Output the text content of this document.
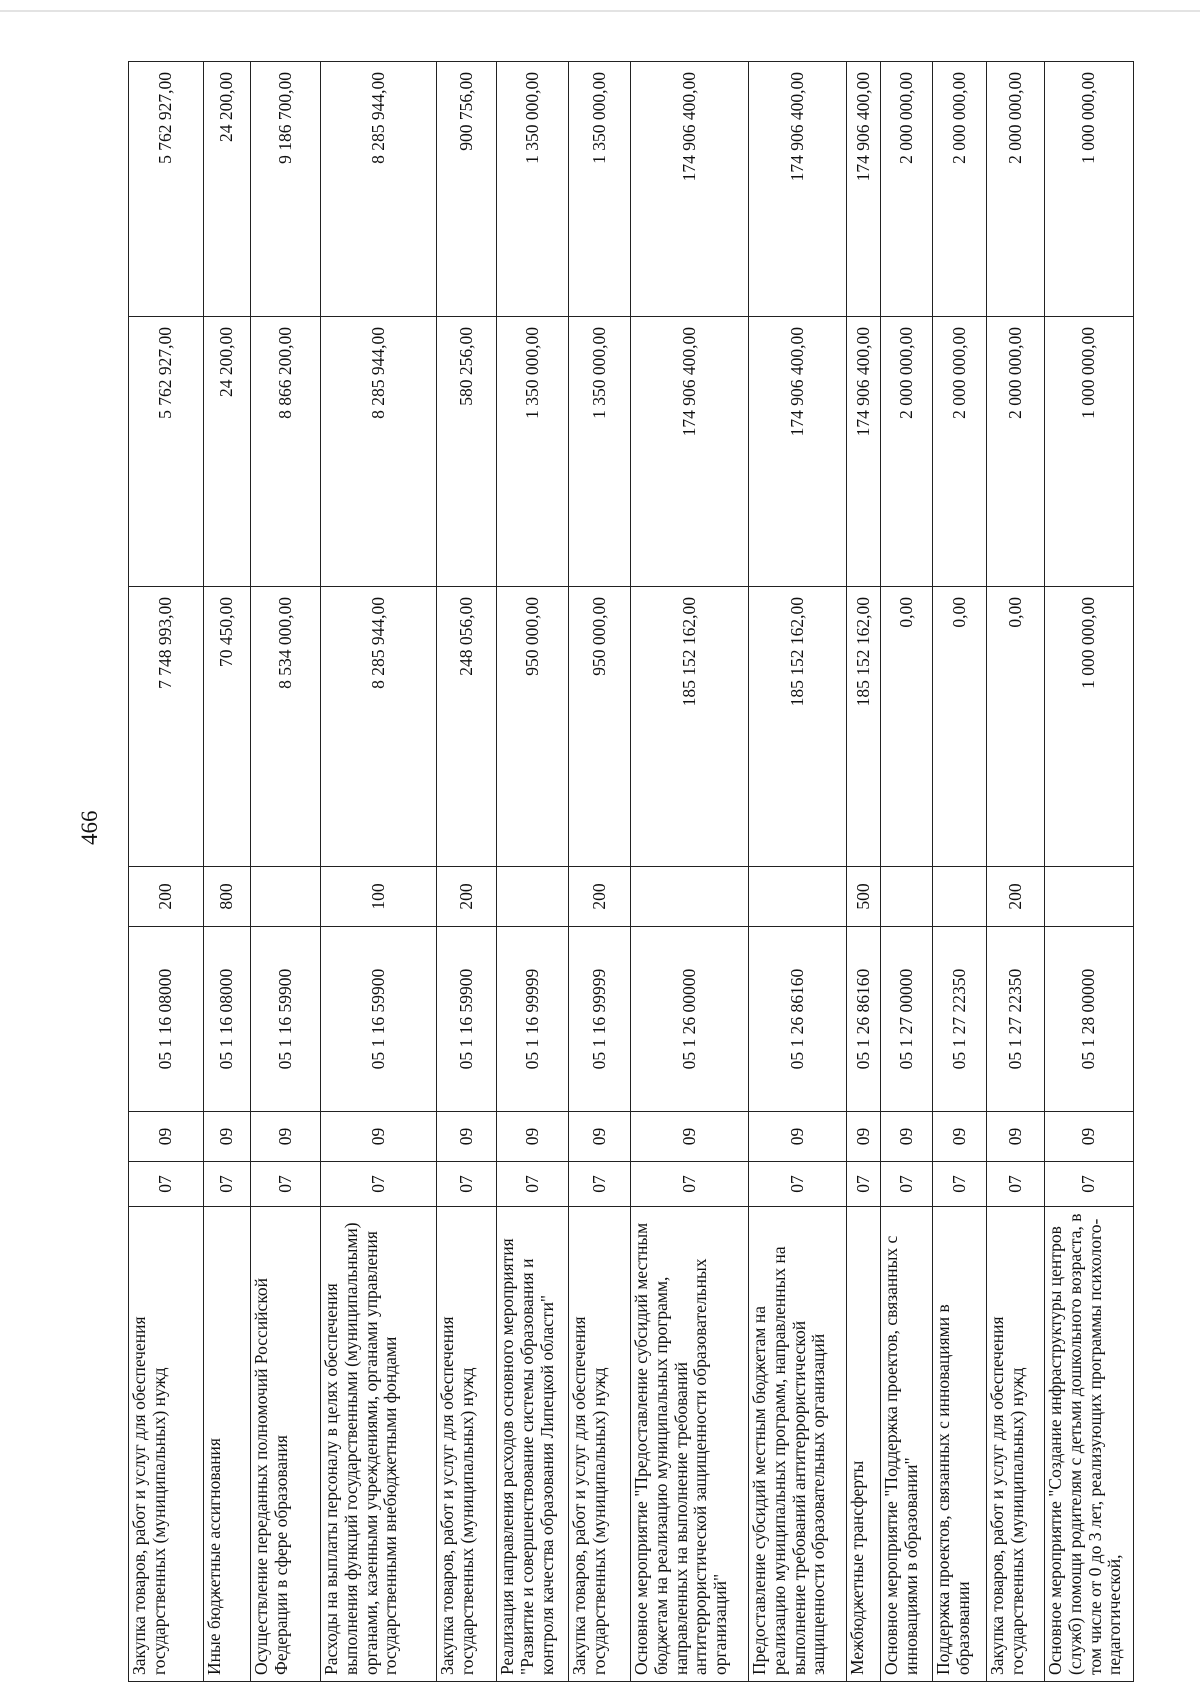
466
Закупка товаров, работ и услуг для обеспечения государственных (муниципальных) нужд	07	09	05 1 16 08000	200	7 748 993,00	5 762 927,00	5 762 927,00
Иные бюджетные ассигнования	07	09	05 1 16 08000	800	70 450,00	24 200,00	24 200,00
Осуществление переданных полномочий Российской Федерации в сфере образования	07	09	05 1 16 59900		8 534 000,00	8 866 200,00	9 186 700,00
Расходы на выплаты персоналу в целях обеспечения выполнения функций государственными (муниципальными) органами, казенными учреждениями, органами управления государственными внебюджетными фондами	07	09	05 1 16 59900	100	8 285 944,00	8 285 944,00	8 285 944,00
Закупка товаров, работ и услуг для обеспечения государственных (муниципальных) нужд	07	09	05 1 16 59900	200	248 056,00	580 256,00	900 756,00
Реализация направления расходов основного мероприятия "Развитие и совершенствование системы образования и контроля качества образования Липецкой области"	07	09	05 1 16 99999		950 000,00	1 350 000,00	1 350 000,00
Закупка товаров, работ и услуг для обеспечения государственных (муниципальных) нужд	07	09	05 1 16 99999	200	950 000,00	1 350 000,00	1 350 000,00
Основное мероприятие "Предоставление субсидий местным бюджетам на реализацию муниципальных программ, направленных на выполнение требований антитеррористической защищенности образовательных организаций"	07	09	05 1 26 00000		185 152 162,00	174 906 400,00	174 906 400,00
Предоставление субсидий местным бюджетам на реализацию муниципальных программ, направленных на выполнение требований антитеррористической защищенности образовательных организаций	07	09	05 1 26 86160		185 152 162,00	174 906 400,00	174 906 400,00
Межбюджетные трансферты	07	09	05 1 26 86160	500	185 152 162,00	174 906 400,00	174 906 400,00
Основное мероприятие "Поддержка проектов, связанных с инновациями в образовании"	07	09	05 1 27 00000		0,00	2 000 000,00	2 000 000,00
Поддержка проектов, связанных с инновациями в образовании	07	09	05 1 27 22350		0,00	2 000 000,00	2 000 000,00
Закупка товаров, работ и услуг для обеспечения государственных (муниципальных) нужд	07	09	05 1 27 22350	200	0,00	2 000 000,00	2 000 000,00
Основное мероприятие "Создание инфраструктуры центров (служб) помощи родителям с детьми дошкольного возраста, в том числе от 0 до 3 лет, реализующих программы психолого-педагогической,	07	09	05 1 28 00000		1 000 000,00	1 000 000,00	1 000 000,00
